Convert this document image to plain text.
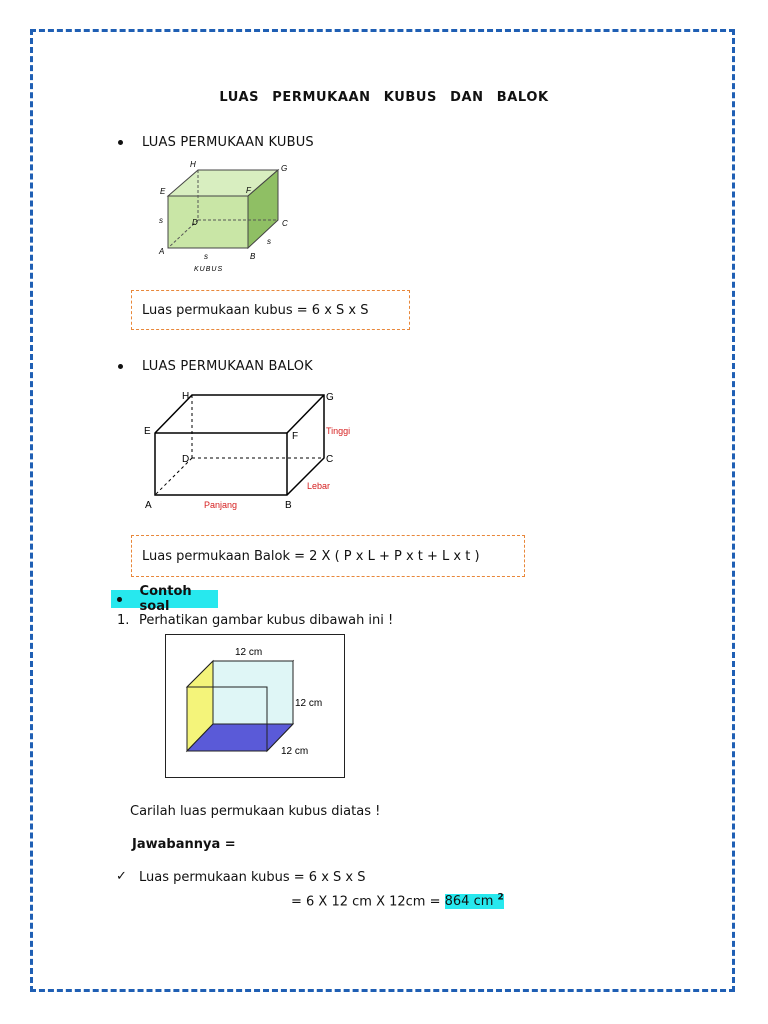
LUAS PERMUKAAN KUBUS DAN BALOK
LUAS PERMUKAAN KUBUS
H	G
E	F
D	C
A
B
s
s
s
KUBUS
Luas permukaan kubus = 6 x S x S
LUAS PERMUKAAN BALOK
H	G
E	F
D	C
A	B
Tinggi
Lebar
Panjang
Luas permukaan Balok = 2 X ( P x L + P x t + L x t )
Contoh soal
1. Perhatikan gambar kubus dibawah ini !
12 cm
12 cm
12 cm
Carilah luas permukaan kubus diatas !
Jawabannya =
✓ Luas permukaan kubus = 6 x S x S
= 6 X 12 cm X 12cm = 864 cm $^2$
